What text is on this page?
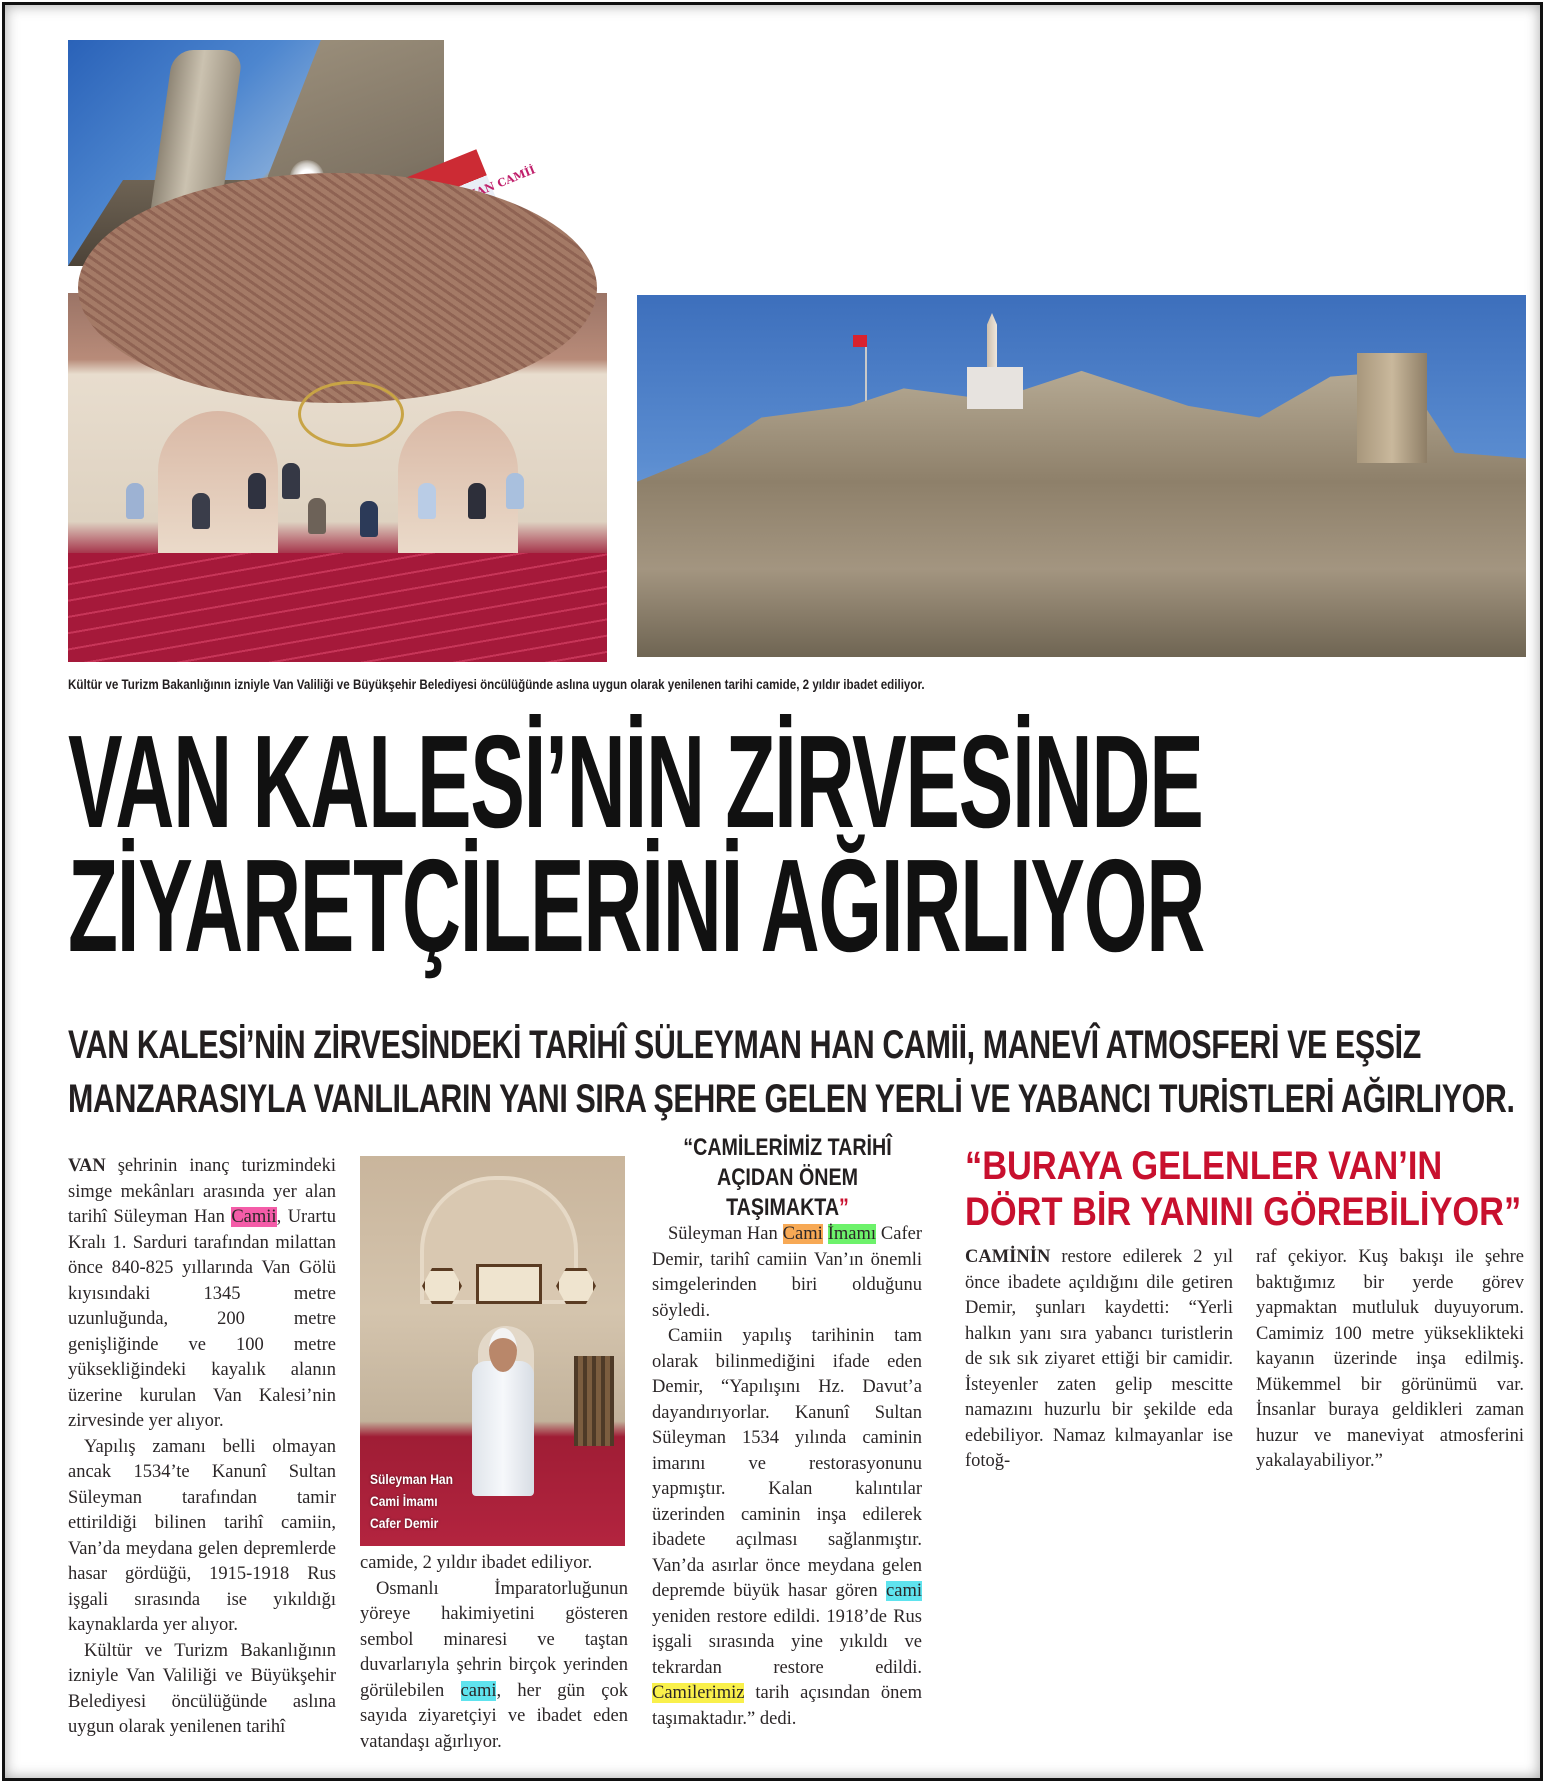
Kültür ve Turizm Bakanlığının izniyle Van Valiliği ve Büyükşehir Belediyesi öncülüğünde aslına uygun olarak yenilenen tarihi camide, 2 yıldır ibadet ediliyor.
VAN KALESİ’NİN ZİRVESİNDE
ZİYARETÇİLERİNİ AĞIRLIYOR
VAN KALESİ’NİN ZİRVESİNDEKİ TARİHÎ SÜLEYMAN HAN CAMİİ, MANEVÎ ATMOSFERİ VE EŞSİZ
MANZARASIYLA VANLILARIN YANI SIRA ŞEHRE GELEN YERLİ VE YABANCI TURİSTLERİ AĞIRLIYOR.

VAN şehrinin inanç turizmindeki simge mekânları arasında yer alan tarihî Süleyman Han Camii, Urartu Kralı 1. Sarduri tarafından milattan önce 840-825 yıllarında Van Gölü kıyısındaki 1345 metre uzunluğunda, 200 metre genişliğinde ve 100 metre yüksekliğindeki kayalık alanın üzerine kurulan Van Kalesi’nin zirvesinde yer alıyor.

Yapılış zamanı belli olmayan ancak 1534’te Kanunî Sultan Süleyman tarafından tamir ettirildiği bilinen tarihî camiin, Van’da meydana gelen depremlerde hasar gördüğü, 1915-1918 Rus işgali sırasında ise yıkıldığı kaynaklarda yer alıyor.

Kültür ve Turizm Bakanlığının izniyle Van Valiliği ve Büyükşehir Belediyesi öncülüğünde aslına uygun olarak yenilenen tarihî

Süleyman Han
Cami İmamı
Cafer Demir

camide, 2 yıldır ibadet ediliyor.

Osmanlı İmparatorluğunun yöreye hakimiyetini gösteren sembol minaresi ve taştan duvarlarıyla şehrin birçok yerinden görülebilen cami, her gün çok sayıda ziyaretçiyi ve ibadet eden vatandaşı ağırlıyor.

“CAMİLERİMİZ TARİHÎ
AÇIDAN ÖNEM TAŞIMAKTA”

Süleyman Han Cami İmamı Cafer Demir, tarihî camiin Van’ın önemli simgelerinden biri olduğunu söyledi.

Camiin yapılış tarihinin tam olarak bilinmediğini ifade eden Demir, “Yapılışını Hz. Davut’a dayandırıyorlar. Kanunî Sultan Süleyman 1534 yılında caminin imarını ve restorasyonunu yapmıştır. Kalan kalıntılar üzerinden caminin inşa edilerek ibadete açılması sağlanmıştır. Van’da asırlar önce meydana gelen depremde büyük hasar gören cami yeniden restore edildi. 1918’de Rus işgali sırasında yine yıkıldı ve tekrardan restore edildi. Camilerimiz tarih açısından önem taşımaktadır.” dedi.

“BURAYA GELENLER VAN’IN
DÖRT BİR YANINI GÖREBİLİYOR”

CAMİNİN restore edilerek 2 yıl önce ibadete açıldığını dile getiren Demir, şunları kaydetti: “Yerli halkın yanı sıra yabancı turistlerin de sık sık ziyaret ettiği bir camidir. İsteyenler zaten gelip mescitte namazını huzurlu bir şekilde eda edebiliyor. Namaz kılmayanlar ise fotoğ-

raf çekiyor. Kuş bakışı ile şehre baktığımız bir yerde görev yapmaktan mutluluk duyuyorum. Camimiz 100 metre yükseklikteki kayanın üzerinde inşa edilmiş. Mükemmel bir görünümü var. İnsanlar buraya geldikleri zaman huzur ve maneviyat atmosferini yakalayabiliyor.”
